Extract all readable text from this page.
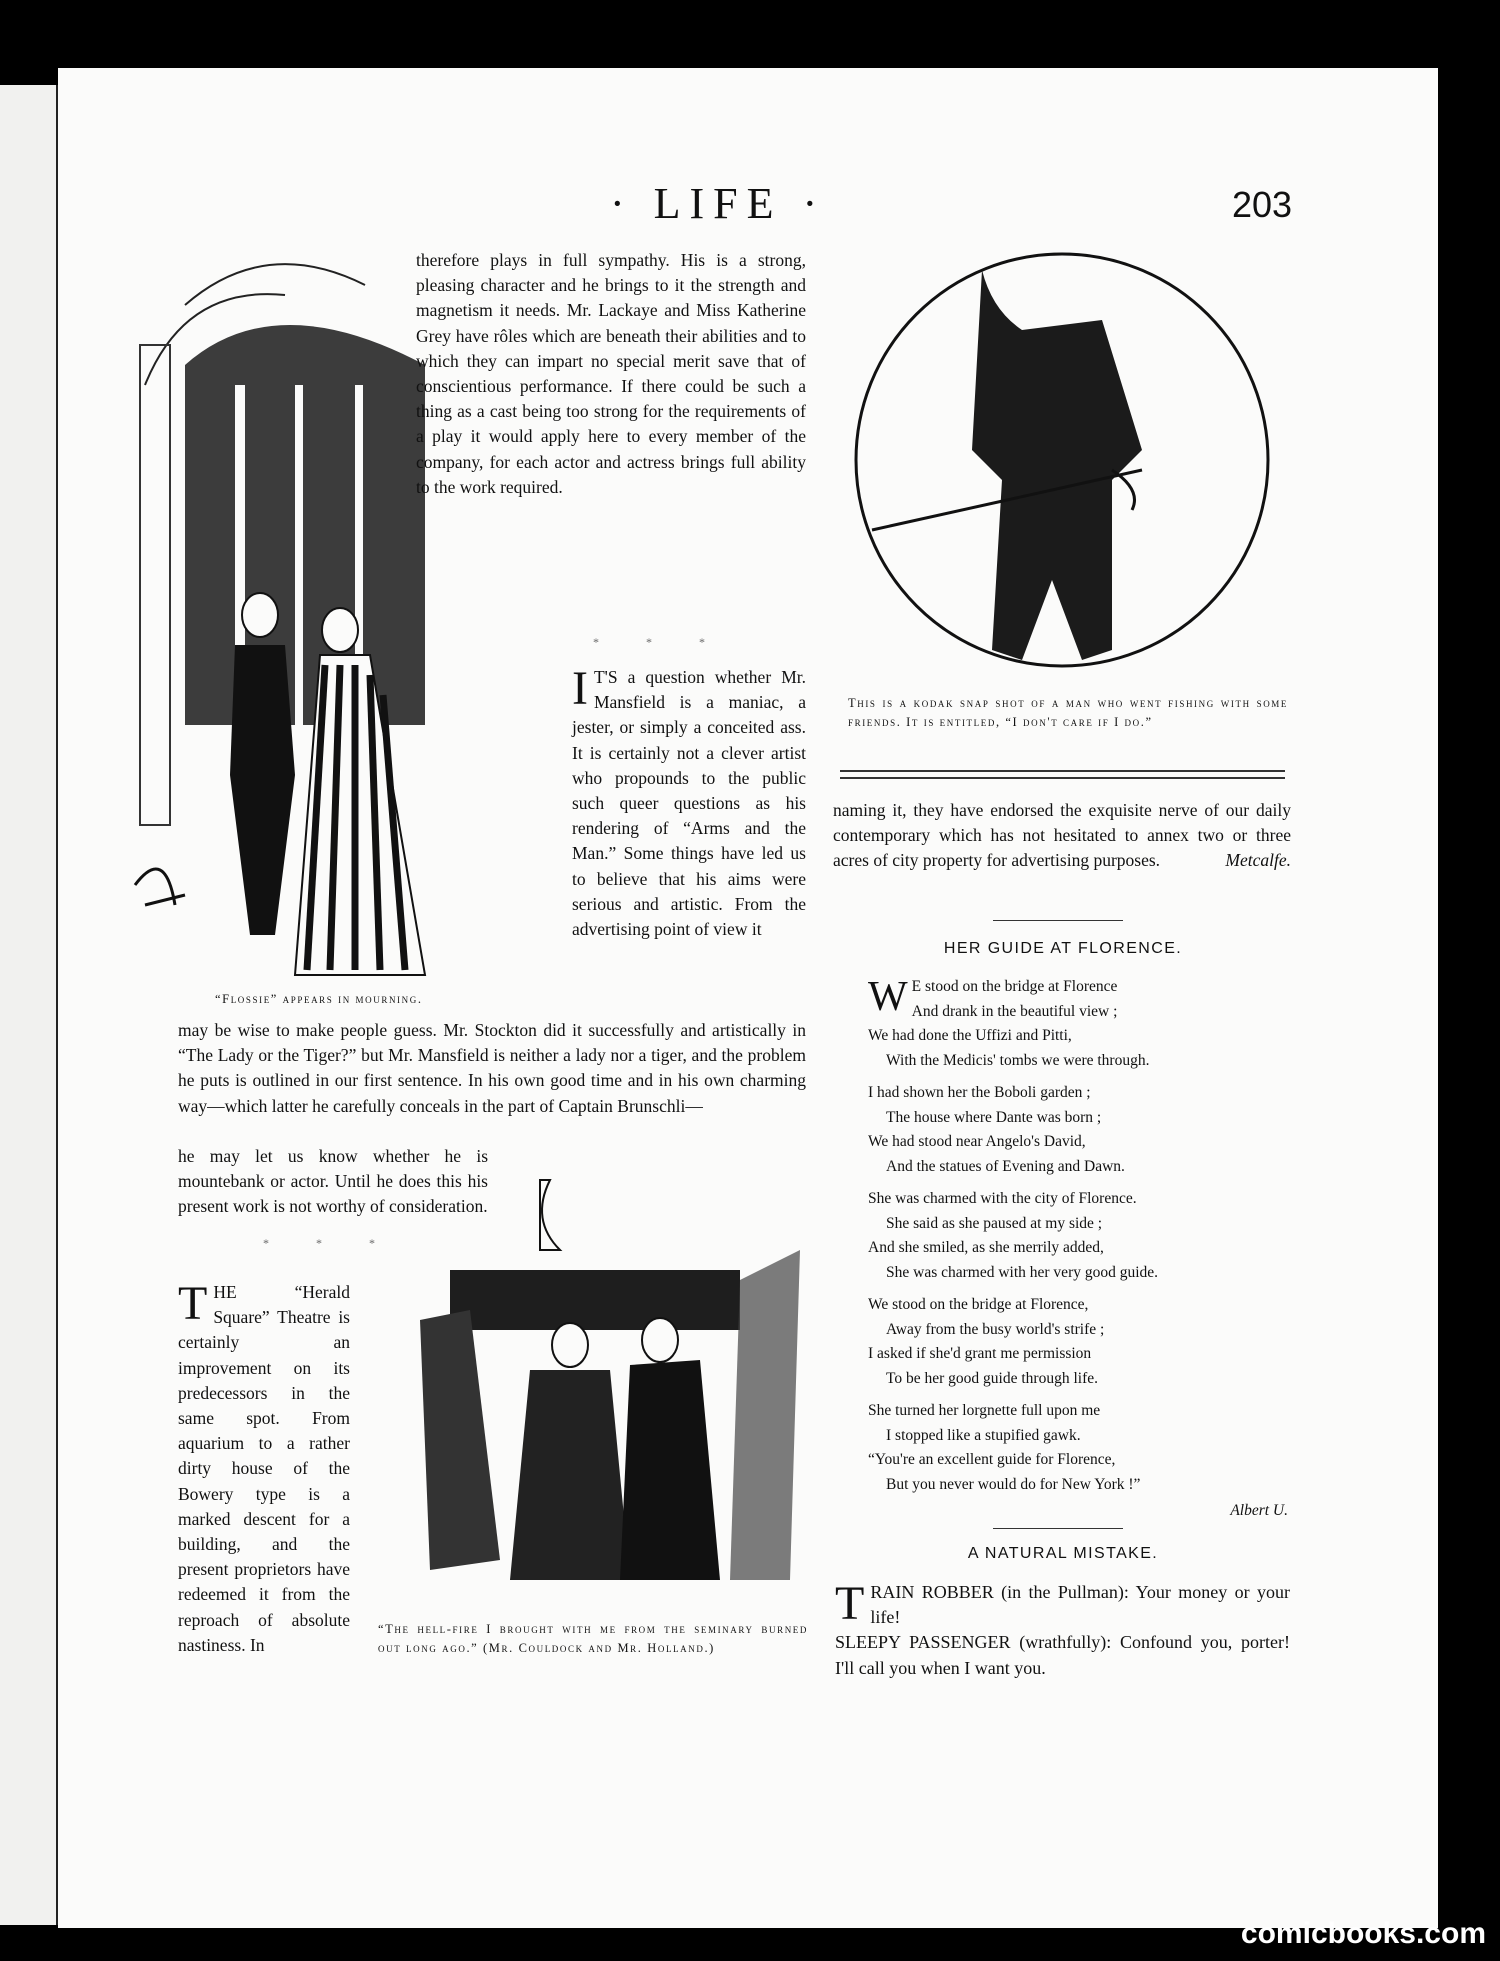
· LIFE ·	203
“Flossie” appears in mourning.

therefore plays in full sympathy. His is a strong, pleasing character and he brings to it the strength and magnetism it needs. Mr. Lackaye and Miss Katherine Grey have rôles which are beneath their abilities and to which they can impart no special merit save that of conscientious performance. If there could be such a thing as a cast being too strong for the requirements of a play it would apply here to every member of the company, for each actor and actress brings full ability to the work required.

* * *
I T'S a question whether Mr. Mansfield is a maniac, a jester, or simply a conceited ass. It is certainly not a clever artist who propounds to the public such queer questions as his rendering of “Arms and the Man.” Some things have led us to believe that his aims were serious and artistic. From the advertising point of view it
may be wise to make people guess. Mr. Stockton did it successfully and artistically in “The Lady or the Tiger?” but Mr. Mansfield is neither a lady nor a tiger, and the problem he puts is outlined in our first sentence. In his own good time and in his own charming way—which latter he carefully conceals in the part of Captain Brunschli—
he may let us know whether he is mountebank or actor. Until he does this his present work is not worthy of consideration.
* * *
THE “Herald Square” Theatre is certainly an improvement on its predecessors in the same spot. From aquarium to a rather dirty house of the Bowery type is a marked descent for a building, and the present proprietors have redeemed it from the reproach of absolute nastiness. In
“The hell-fire I brought with me from the seminary burned out long ago.” (Mr. Couldock and Mr. Holland.)
This is a kodak snap shot of a man who went fishing with some friends. It is entitled, “I don't care if I do.”
naming it, they have endorsed the exquisite nerve of our daily contemporary which has not hesitated to annex two or three acres of city property for advertising purposes.	Metcalfe.
HER GUIDE AT FLORENCE.
W E stood on the bridge at Florence
And drank in the beautiful view ;
We had done the Uffizi and Pitti,
With the Medicis' tombs we were through.
I had shown her the Boboli garden ;
The house where Dante was born ;
We had stood near Angelo's David,
And the statues of Evening and Dawn.
She was charmed with the city of Florence.
She said as she paused at my side ;
And she smiled, as she merrily added,
She was charmed with her very good guide.
We stood on the bridge at Florence,
Away from the busy world's strife ;
I asked if she'd grant me permission
To be her good guide through life.
She turned her lorgnette full upon me
I stopped like a stupified gawk.
“You're an excellent guide for Florence,
But you never would do for New York !”
Albert U.
A NATURAL MISTAKE.
T RAIN ROBBER (in the Pullman): Your money or your life!
SLEEPY PASSENGER (wrathfully): Confound you, porter! I'll call you when I want you.
comicbooks.com
